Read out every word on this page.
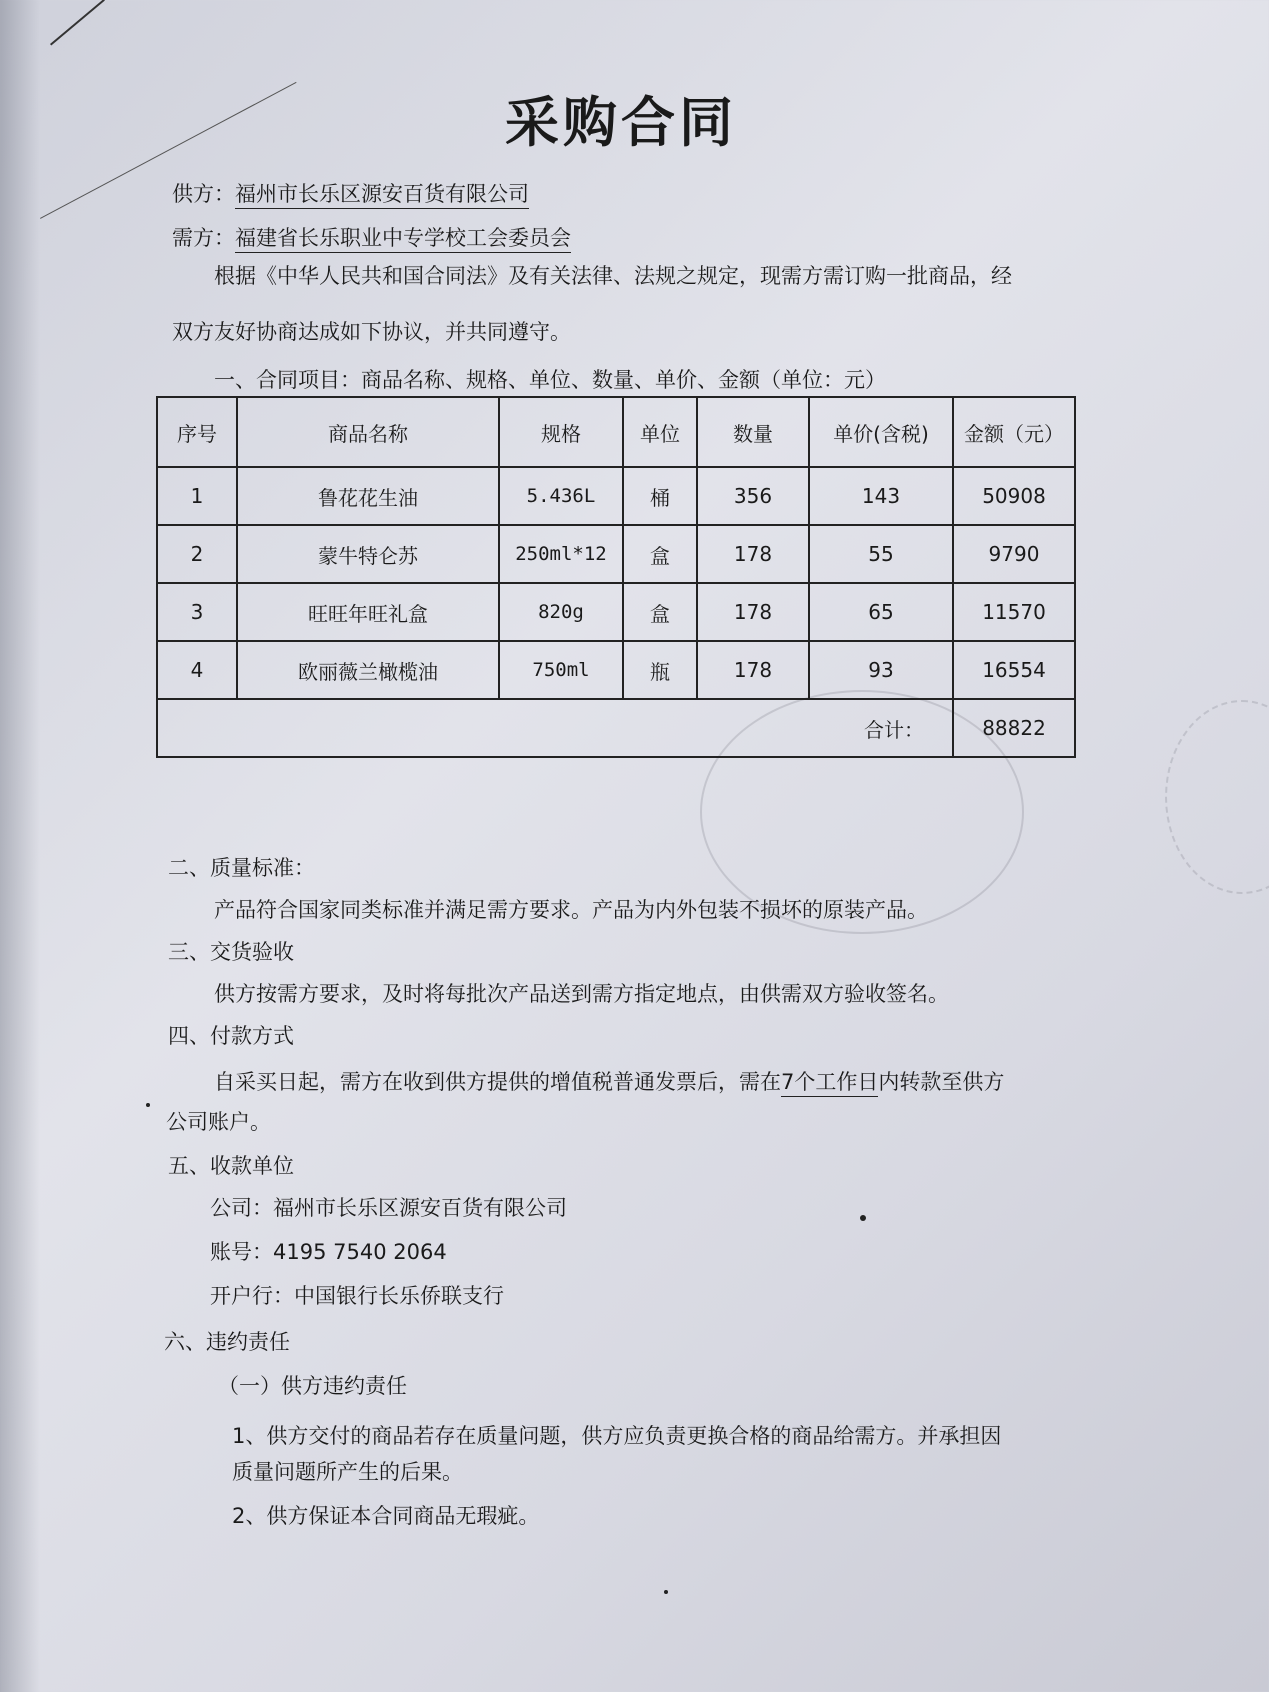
采购合同
供方：福州市长乐区源安百货有限公司
需方：福建省长乐职业中专学校工会委员会
根据《中华人民共和国合同法》及有关法律、法规之规定，现需方需订购一批商品，经
双方友好协商达成如下协议，并共同遵守。
一、合同项目：商品名称、规格、单位、数量、单价、金额（单位：元）
序号	商品名称	规格	单位	数量	单价(含税)	金额（元）
1	鲁花花生油	5.436L	桶	356	143	50908
2	蒙牛特仑苏	250ml*12	盒	178	55	9790
3	旺旺年旺礼盒	820g	盒	178	65	11570
4	欧丽薇兰橄榄油	750ml	瓶	178	93	16554
合计：						88822
二、质量标准：
产品符合国家同类标准并满足需方要求。产品为内外包装不损坏的原装产品。
三、交货验收
供方按需方要求，及时将每批次产品送到需方指定地点，由供需双方验收签名。
四、付款方式
自采买日起，需方在收到供方提供的增值税普通发票后，需在7个工作日内转款至供方
公司账户。
五、收款单位
公司：福州市长乐区源安百货有限公司
账号：4195 7540 2064
开户行：中国银行长乐侨联支行
六、违约责任
（一）供方违约责任
1、供方交付的商品若存在质量问题，供方应负责更换合格的商品给需方。并承担因
质量问题所产生的后果。
2、供方保证本合同商品无瑕疵。
